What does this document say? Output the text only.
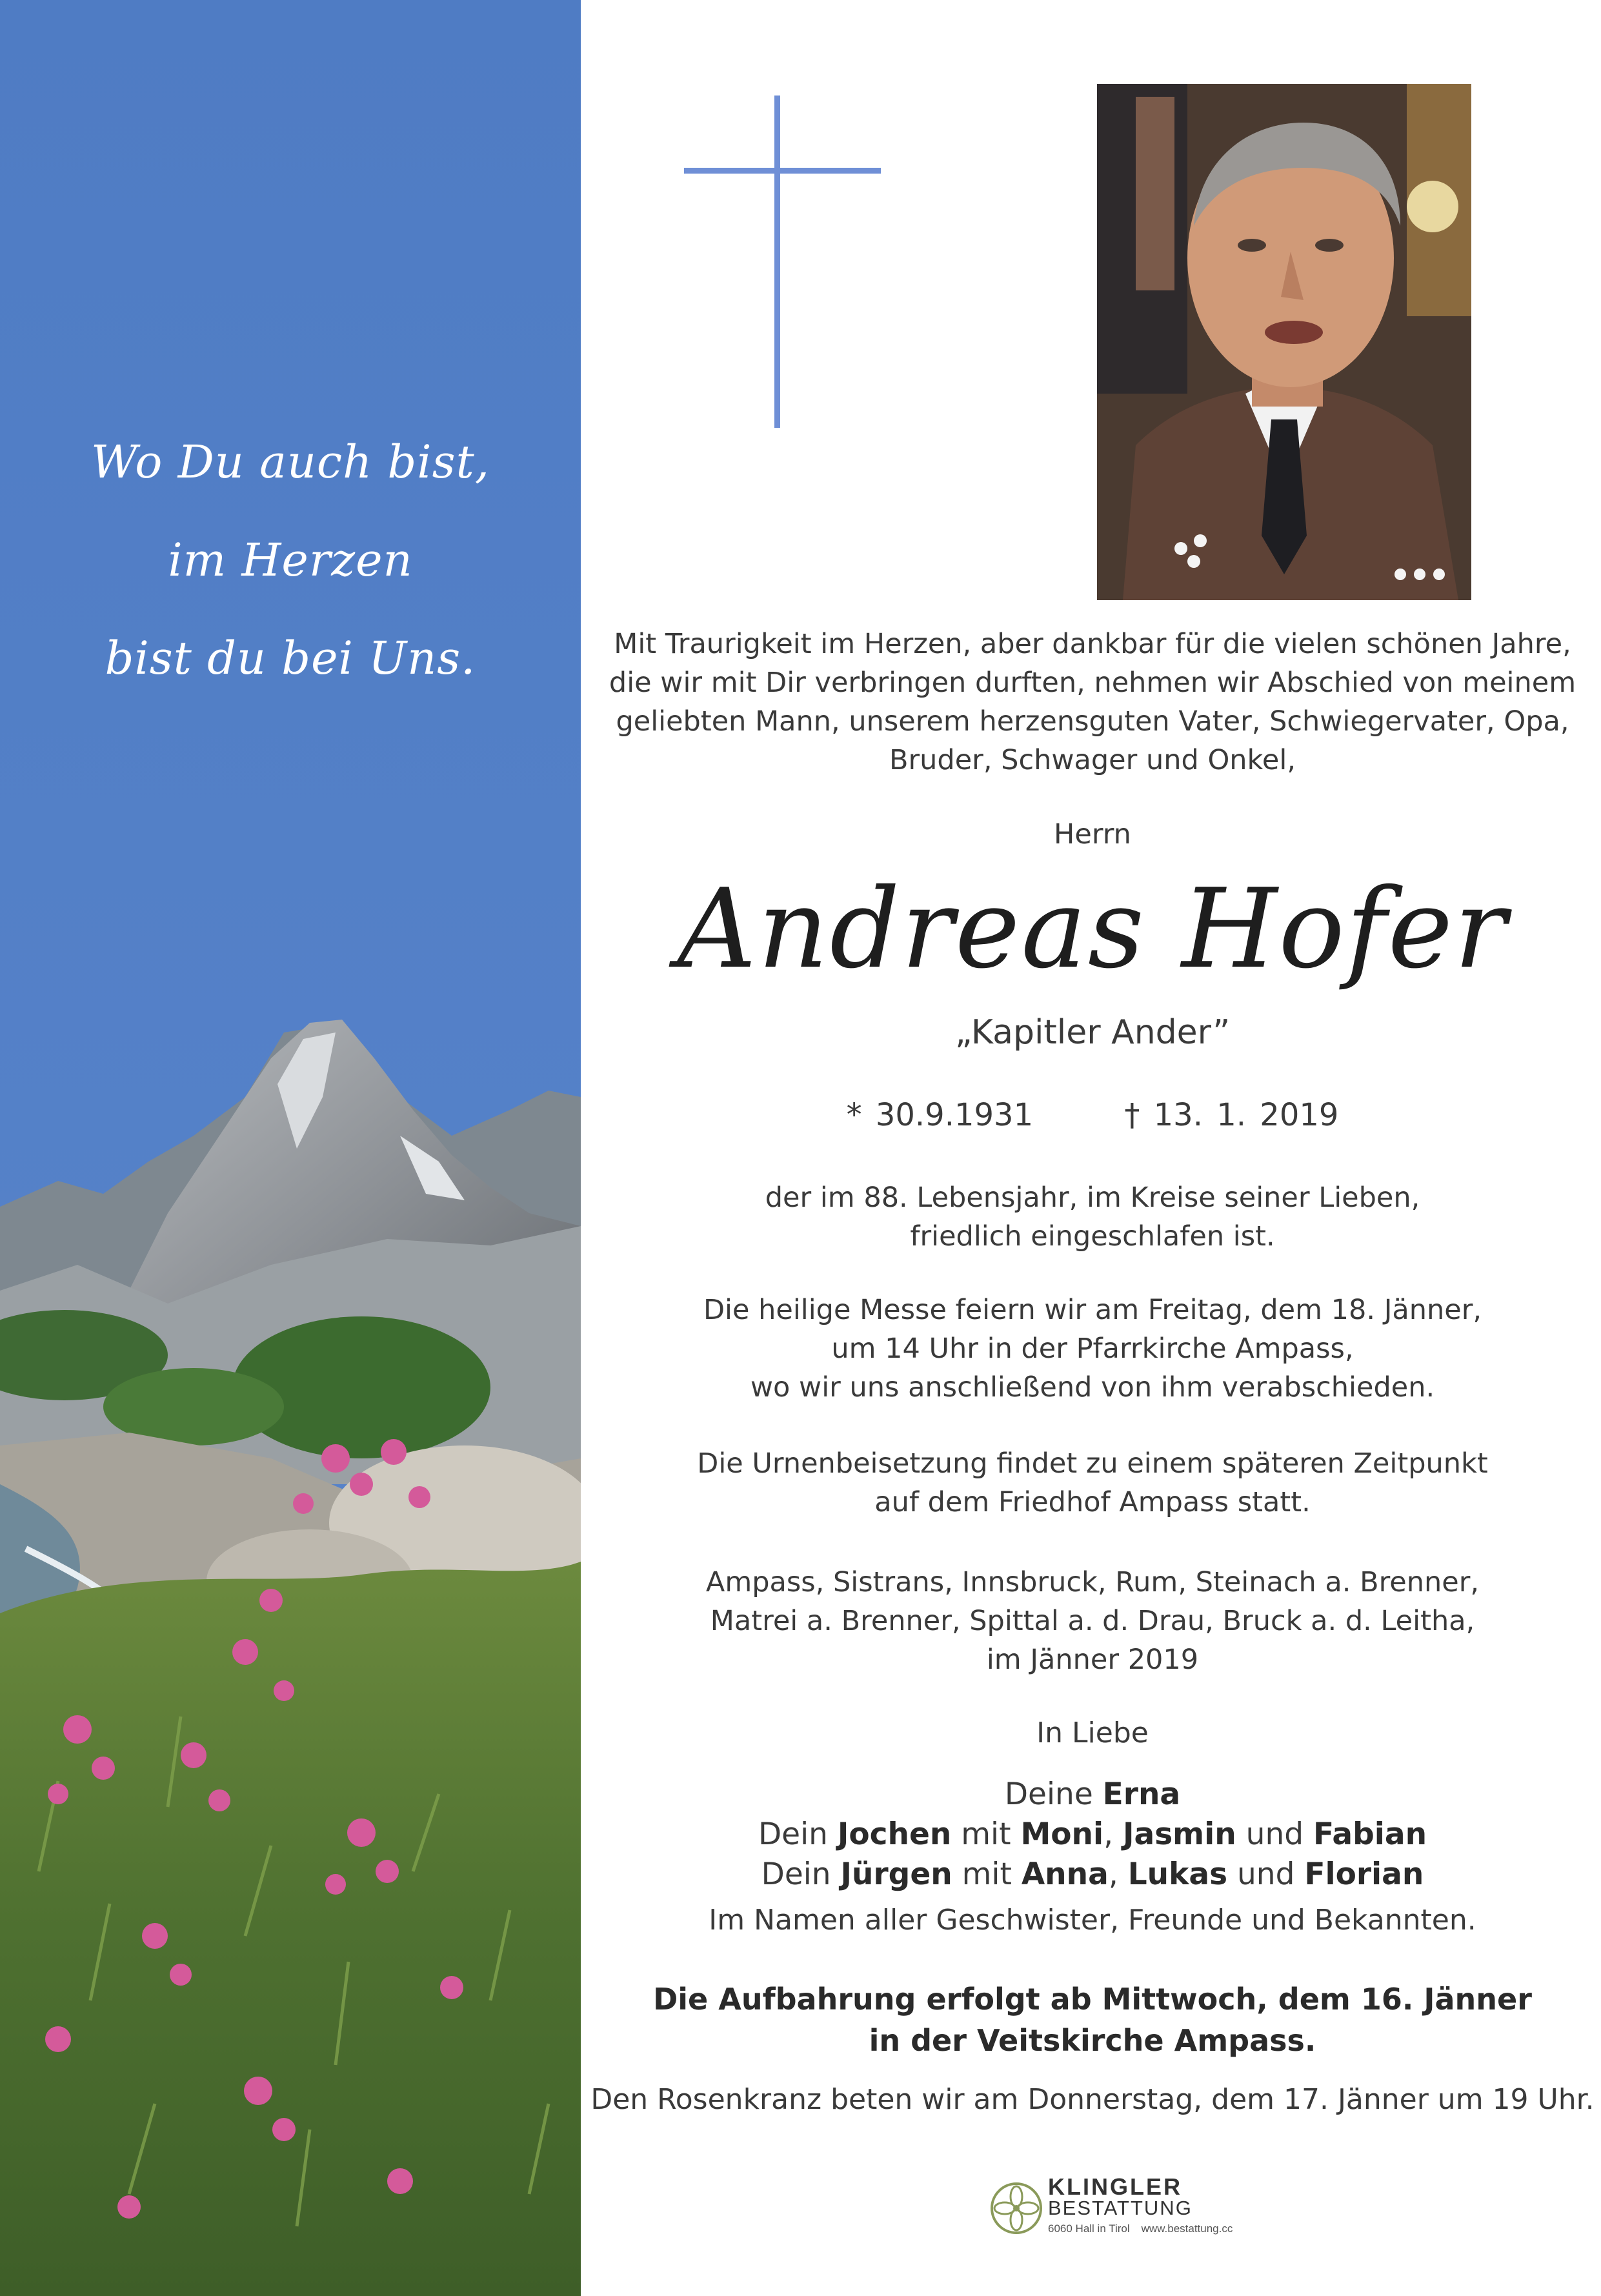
Wo Du auch bist,
im Herzen
bist du bei Uns.	Mit Traurigkeit im Herzen, aber dankbar für die vielen schönen Jahre,

die wir mit Dir verbringen durften, nehmen wir Abschied von meinem

geliebten Mann, unserem herzensguten Vater, Schwiegervater, Opa,

Bruder, Schwager und Onkel,

Herrn
Andreas Hofer
„Kapitler Ander”
* 30.9.1931	† 13. 1. 2019

der im 88. Lebensjahr, im Kreise seiner Lieben,

friedlich eingeschlafen ist.

Die heilige Messe feiern wir am Freitag, dem 18. Jänner,

um 14 Uhr in der Pfarrkirche Ampass,

wo wir uns anschließend von ihm verabschieden.

Die Urnenbeisetzung findet zu einem späteren Zeitpunkt

auf dem Friedhof Ampass statt.

Ampass, Sistrans, Innsbruck, Rum, Steinach a. Brenner,

Matrei a. Brenner, Spittal a. d. Drau, Bruck a. d. Leitha,

im Jänner 2019

In Liebe
Deine Erna
Dein Jochen mit Moni, Jasmin und Fabian
Dein Jürgen mit Anna, Lukas und Florian
Im Namen aller Geschwister, Freunde und Bekannten.
Die Aufbahrung erfolgt ab Mittwoch, dem 16. Jänner
in der Veitskirche Ampass.
Den Rosenkranz beten wir am Donnerstag, dem 17. Jänner um 19 Uhr.
KLINGLER
BESTATTUNG
6060 Hall in Tirol www.bestattung.cc
